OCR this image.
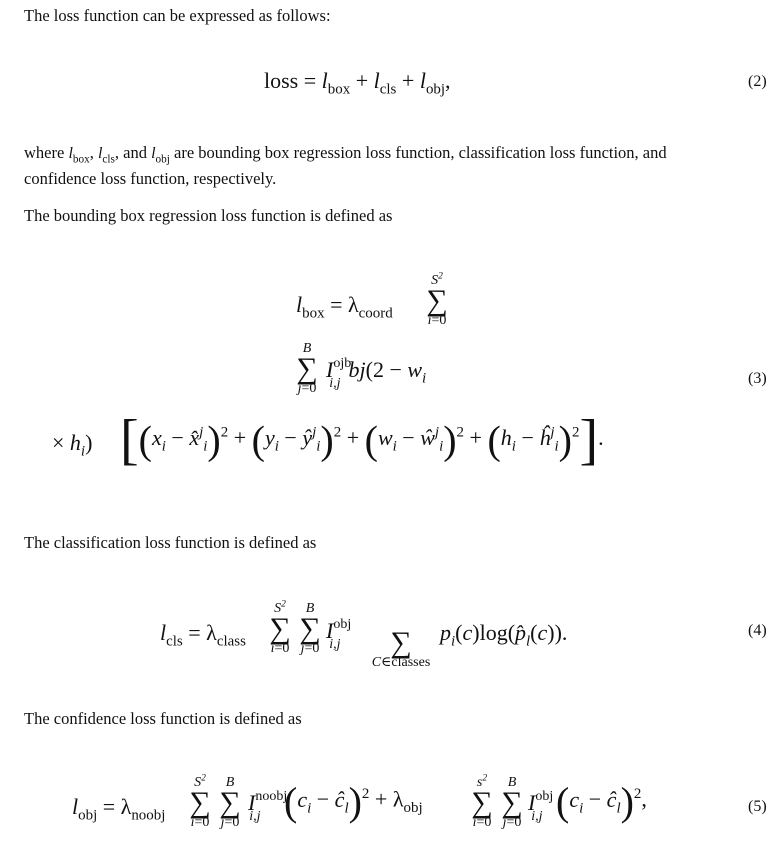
The loss function can be expressed as follows:
loss = $l_{box} + l_{cls} + l_{obj}$,	(2)
where $l_{box}$, $l_{cls}$, and $l_{obj}$ are bounding box regression loss function, classification loss function, and
confidence loss function, respectively.
The bounding box regression loss function is defined as
$l_{box} = \lambda_{coord}$
$S^2$
∑
i=0
B
∑
j=0
$I^{ojb}_{i,j}bj(2 - w_i$
× $h_i$) [($x_i$ − x̂$^j_i$)$^2$ + ($y_i$ − $ŷ^j_i)^2 + (w_i$ − $ŵ^j_i)^2 + (h_i$ − $ĥ^j_i)^2$].
(3)
The classification loss function is defined as
$l_{cls} = \lambda_{class}$
$S^2$
∑
i=0
B
∑
j=0
$I^{obj}_{i,j}$
	∑
C∈classes
$p_i(c)\log(p̂_l(c))$.	(4)
The confidence loss function is defined as
$l_{obj} = \lambda_{noobj}$
$S^2$
∑
i=0
B
∑
j=0
$I^{noobj}_{i,j}$ ($c_i$ − $ĉ_l)^2 + \lambda_{obj}$
$s^2$
∑
i=0
B
∑
j=0
$I^{obj}_{i,j}$ ($c_i$ − $ĉ_l)^2$,	(5)
